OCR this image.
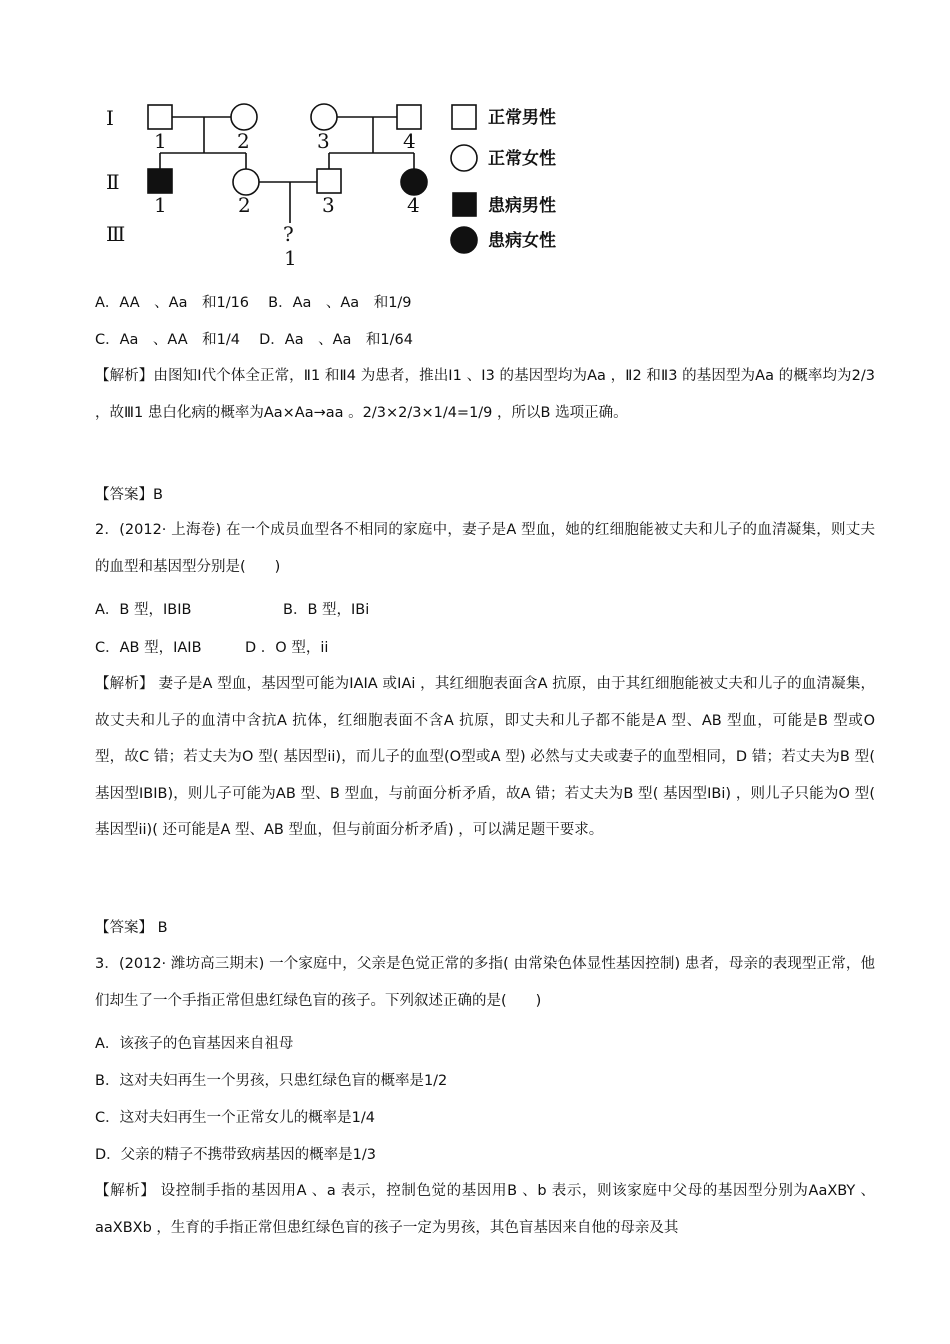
Ⅰ
Ⅱ
Ⅲ
1	2	3	4
1	2	3	4
?
1
正常男性
正常女性
患病男性
患病女性
A．AA　、Aa　和1/16　 B．Aa　、Aa　和1/9
C．Aa　、AA　和1/4　 D．Aa　、Aa　和1/64
【解析】由图知Ⅰ代个体全正常，Ⅱ1 和Ⅱ4 为患者，推出Ⅰ1 、Ⅰ3 的基因型均为Aa ，Ⅱ2 和Ⅱ3 的基因型为Aa 的概率均为2/3 ，故Ⅲ1 患白化病的概率为Aa×Aa→aa 。2/3×2/3×1/4=1/9 ，所以B 选项正确。
【答案】B
2．(2012· 上海卷) 在一个成员血型各不相同的家庭中，妻子是A 型血，她的红细胞能被丈夫和儿子的血清凝集，则丈夫的血型和基因型分别是(　　)
A．B 型，IBIB　　　　　　 B．B 型，IBi
C．AB 型，IAIB　　　D ．O 型，ii
【解析】 妻子是A 型血，基因型可能为IAIA 或IAi ，其红细胞表面含A 抗原，由于其红细胞能被丈夫和儿子的血清凝集，故丈夫和儿子的血清中含抗A 抗体，红细胞表面不含A 抗原，即丈夫和儿子都不能是A 型、AB 型血，可能是B 型或O 型，故C 错；若丈夫为O 型( 基因型ii)，而儿子的血型(O型或A 型) 必然与丈夫或妻子的血型相同，D 错；若丈夫为B 型( 基因型IBIB)，则儿子可能为AB 型、B 型血，与前面分析矛盾，故A 错；若丈夫为B 型( 基因型IBi) ，则儿子只能为O 型( 基因型ii)( 还可能是A 型、AB 型血，但与前面分析矛盾) ，可以满足题干要求。
【答案】 B
3．(2012· 潍坊高三期末) 一个家庭中，父亲是色觉正常的多指( 由常染色体显性基因控制) 患者，母亲的表现型正常，他们却生了一个手指正常但患红绿色盲的孩子。下列叙述正确的是(　　)
A．该孩子的色盲基因来自祖母
B．这对夫妇再生一个男孩，只患红绿色盲的概率是1/2
C．这对夫妇再生一个正常女儿的概率是1/4
D．父亲的精子不携带致病基因的概率是1/3
【解析】 设控制手指的基因用A 、a 表示，控制色觉的基因用B 、b 表示，则该家庭中父母的基因型分别为AaXBY 、aaXBXb ，生育的手指正常但患红绿色盲的孩子一定为男孩，其色盲基因来自他的母亲及其
